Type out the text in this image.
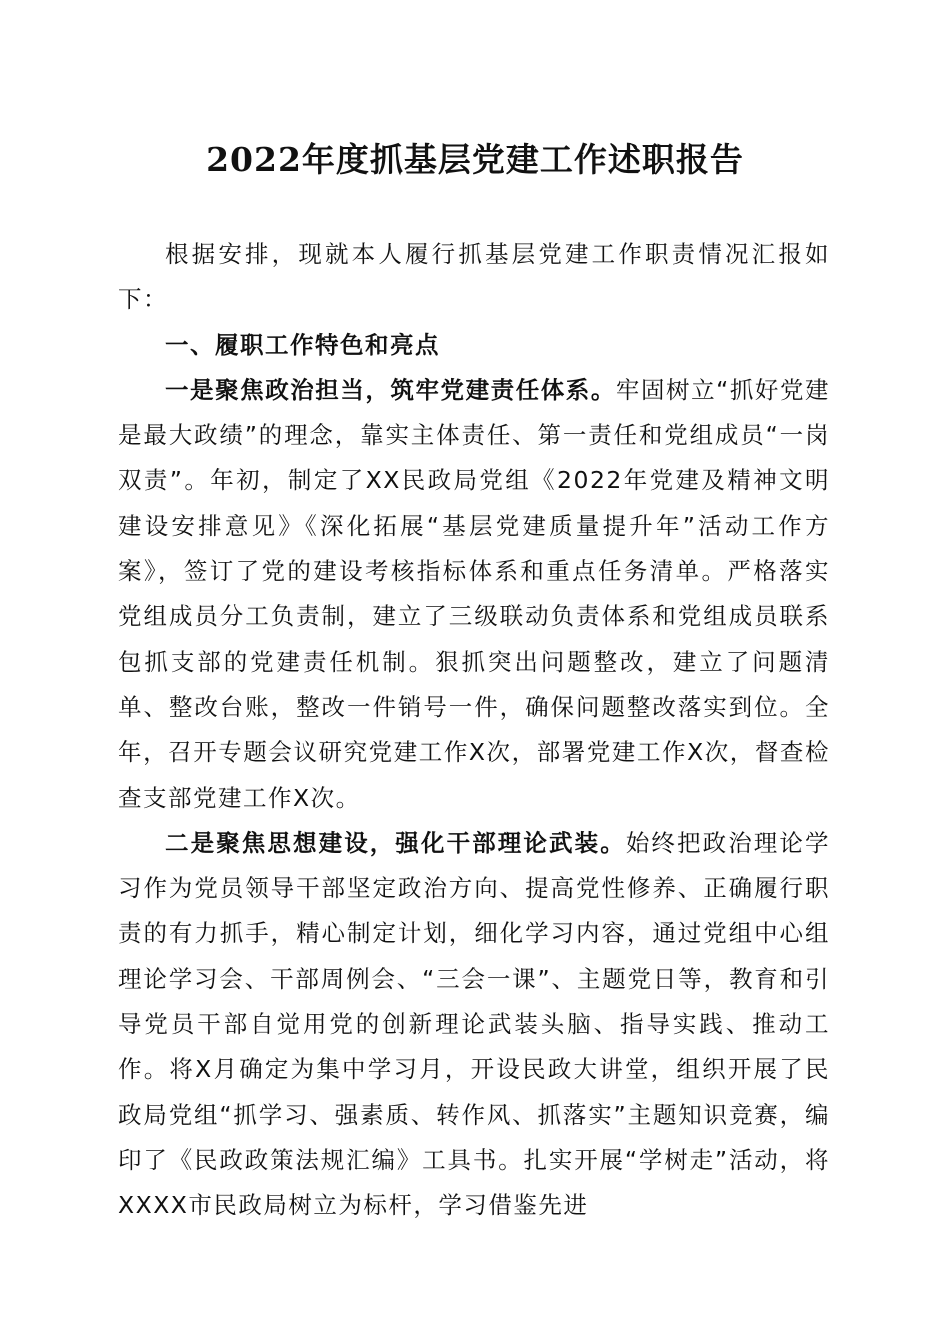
2022年度抓基层党建工作述职报告

根据安排，现就本人履行抓基层党建工作职责情况汇报如下：

一、履职工作特色和亮点

一是聚焦政治担当，筑牢党建责任体系。牢固树立“抓好党建是最大政绩”的理念，靠实主体责任、第一责任和党组成员“一岗双责”。年初，制定了XX民政局党组《2022年党建及精神文明建设安排意见》《深化拓展“基层党建质量提升年”活动工作方案》，签订了党的建设考核指标体系和重点任务清单。严格落实党组成员分工负责制，建立了三级联动负责体系和党组成员联系包抓支部的党建责任机制。狠抓突出问题整改，建立了问题清单、整改台账，整改一件销号一件，确保问题整改落实到位。全年，召开专题会议研究党建工作X次，部署党建工作X次，督查检查支部党建工作X次。

二是聚焦思想建设，强化干部理论武装。始终把政治理论学习作为党员领导干部坚定政治方向、提高党性修养、正确履行职责的有力抓手，精心制定计划，细化学习内容，通过党组中心组理论学习会、干部周例会、“三会一课”、主题党日等，教育和引导党员干部自觉用党的创新理论武装头脑、指导实践、推动工作。将X月确定为集中学习月，开设民政大讲堂，组织开展了民政局党组“抓学习、强素质、转作风、抓落实”主题知识竞赛，编印了《民政政策法规汇编》工具书。扎实开展“学树走”活动，将XXXX市民政局树立为标杆，学习借鉴先进
